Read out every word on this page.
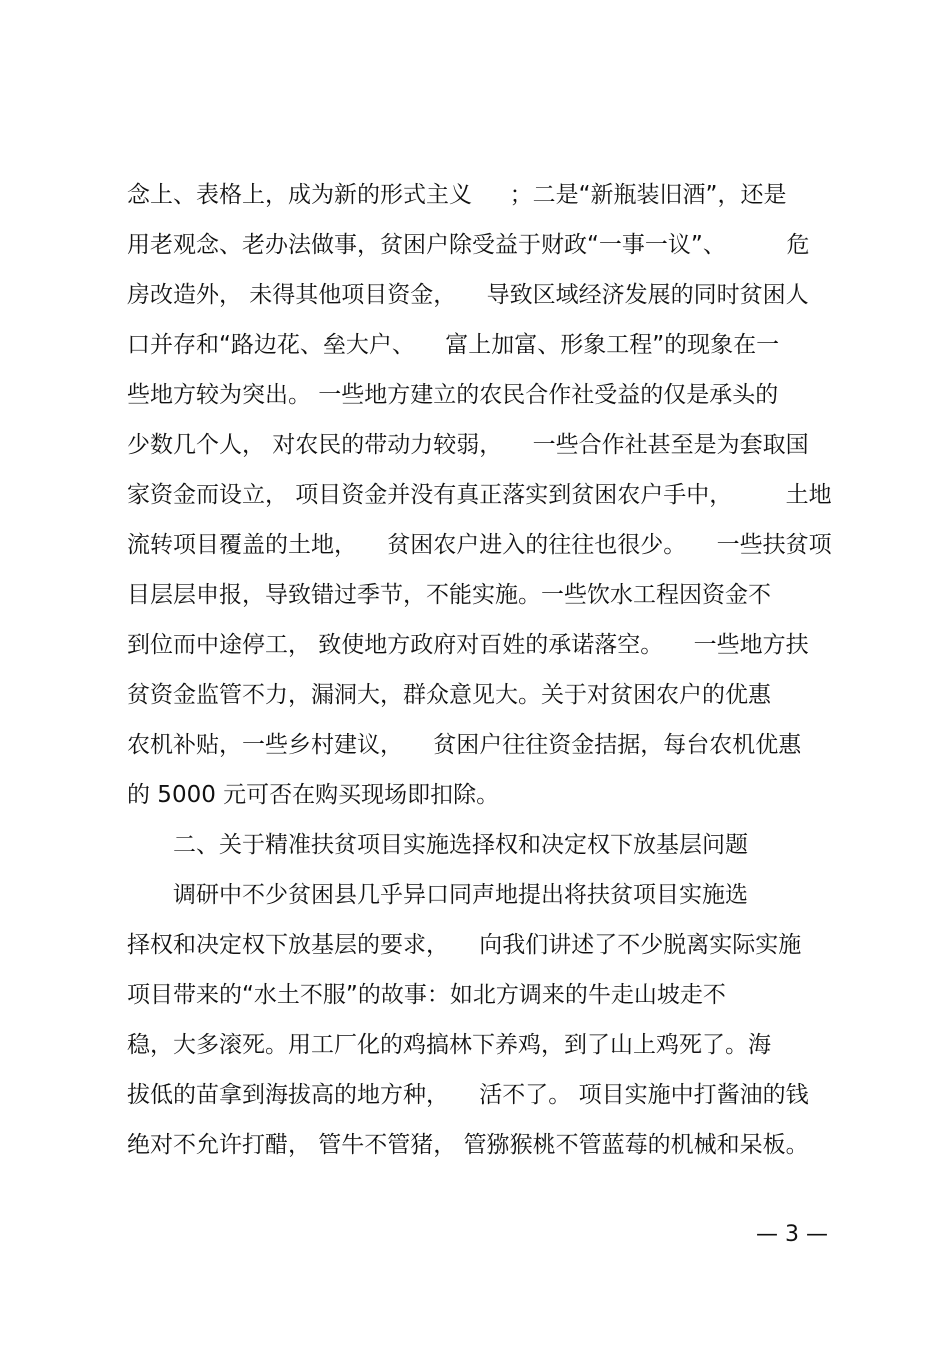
念上、表格上，成为新的形式主义 　 ；二是“新瓶装旧酒”，还是
用老观念、老办法做事，贫困户除受益于财政“一事一议”、 　　 危
房改造外， 未得其他项目资金， 　导致区域经济发展的同时贫困人
口并存和“路边花、垒大户、 　富上加富、形象工程”的现象在一
些地方较为突出。 一些地方建立的农民合作社受益的仅是承头的
少数几个人， 对农民的带动力较弱， 　一些合作社甚至是为套取国
家资金而设立， 项目资金并没有真正落实到贫困农户手中， 　　土地
流转项目覆盖的土地， 　贫困农户进入的往往也很少。 　一些扶贫项
目层层申报，导致错过季节，不能实施。一些饮水工程因资金不
到位而中途停工， 致使地方政府对百姓的承诺落空。 　一些地方扶
贫资金监管不力，漏洞大，群众意见大。关于对贫困农户的优惠
农机补贴，一些乡村建议， 　贫困户往往资金拮据，每台农机优惠
的 5000 元可否在购买现场即扣除。
　　二、关于精准扶贫项目实施选择权和决定权下放基层问题
　　调研中不少贫困县几乎异口同声地提出将扶贫项目实施选
择权和决定权下放基层的要求， 　向我们讲述了不少脱离实际实施
项目带来的“水土不服”的故事：如北方调来的牛走山坡走不
稳，大多滚死。用工厂化的鸡搞林下养鸡，到了山上鸡死了。海
拔低的苗拿到海拔高的地方种， 　活不了。 项目实施中打酱油的钱
绝对不允许打醋， 管牛不管猪， 管猕猴桃不管蓝莓的机械和呆板。
— 3 —
